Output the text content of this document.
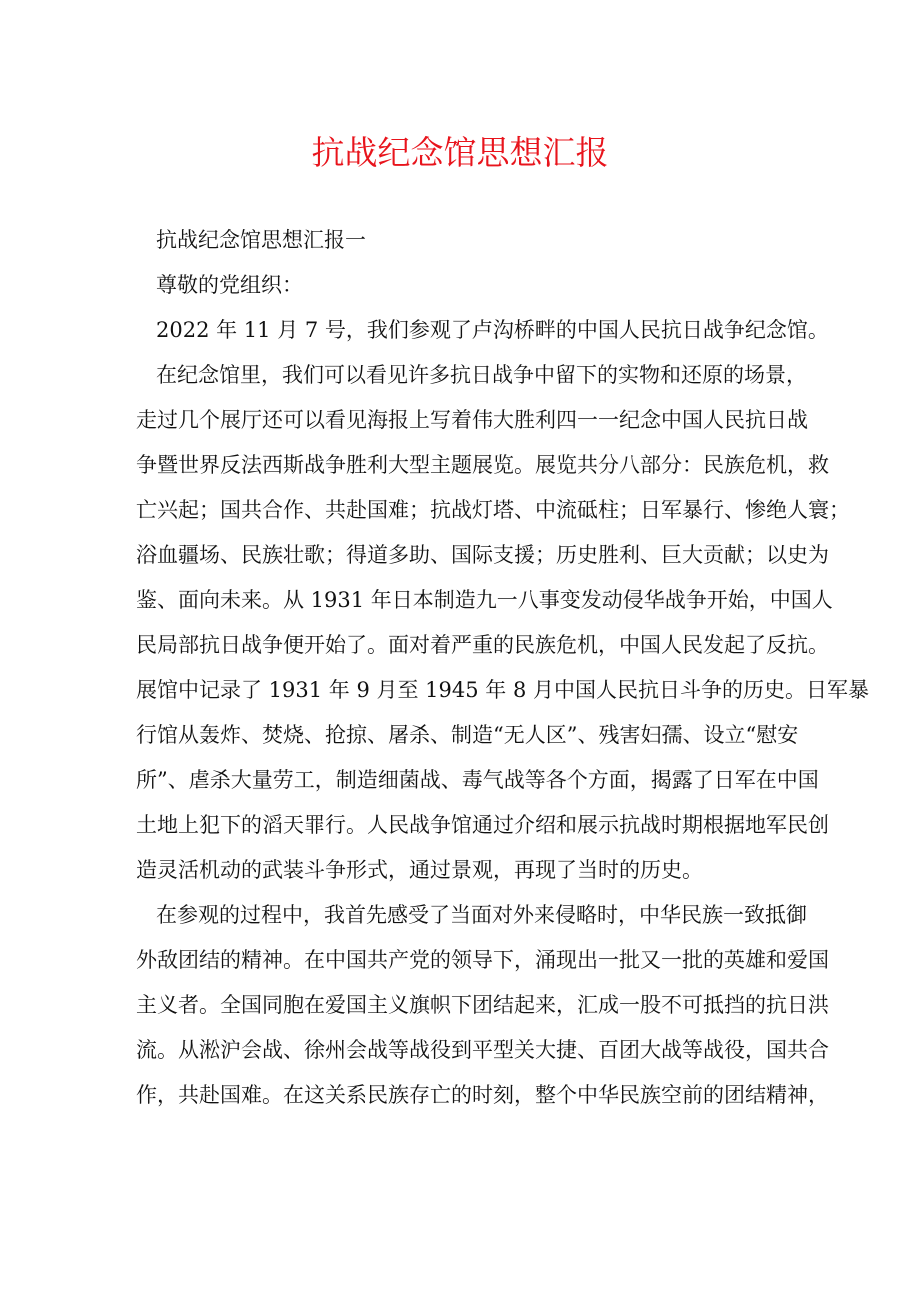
抗战纪念馆思想汇报
抗战纪念馆思想汇报一
尊敬的党组织：
2022 年 11 月 7 号，我们参观了卢沟桥畔的中国人民抗日战争纪念馆。
在纪念馆里，我们可以看见许多抗日战争中留下的实物和还原的场景，
走过几个展厅还可以看见海报上写着伟大胜利四一一纪念中国人民抗日战
争暨世界反法西斯战争胜利大型主题展览。展览共分八部分：民族危机，救
亡兴起；国共合作、共赴国难；抗战灯塔、中流砥柱；日军暴行、惨绝人寰；
浴血疆场、民族壮歌；得道多助、国际支援；历史胜利、巨大贡献；以史为
鉴、面向未来。从 1931 年日本制造九一八事变发动侵华战争开始，中国人
民局部抗日战争便开始了。面对着严重的民族危机，中国人民发起了反抗。
展馆中记录了 1931 年 9 月至 1945 年 8 月中国人民抗日斗争的历史。日军暴
行馆从轰炸、焚烧、抢掠、屠杀、制造“无人区”、残害妇孺、设立“慰安
所”、虐杀大量劳工，制造细菌战、毒气战等各个方面，揭露了日军在中国
土地上犯下的滔天罪行。人民战争馆通过介绍和展示抗战时期根据地军民创
造灵活机动的武装斗争形式，通过景观，再现了当时的历史。
在参观的过程中，我首先感受了当面对外来侵略时，中华民族一致抵御
外敌团结的精神。在中国共产党的领导下，涌现出一批又一批的英雄和爱国
主义者。全国同胞在爱国主义旗帜下团结起来，汇成一股不可抵挡的抗日洪
流。从淞沪会战、徐州会战等战役到平型关大捷、百团大战等战役，国共合
作，共赴国难。在这关系民族存亡的时刻，整个中华民族空前的团结精神，
